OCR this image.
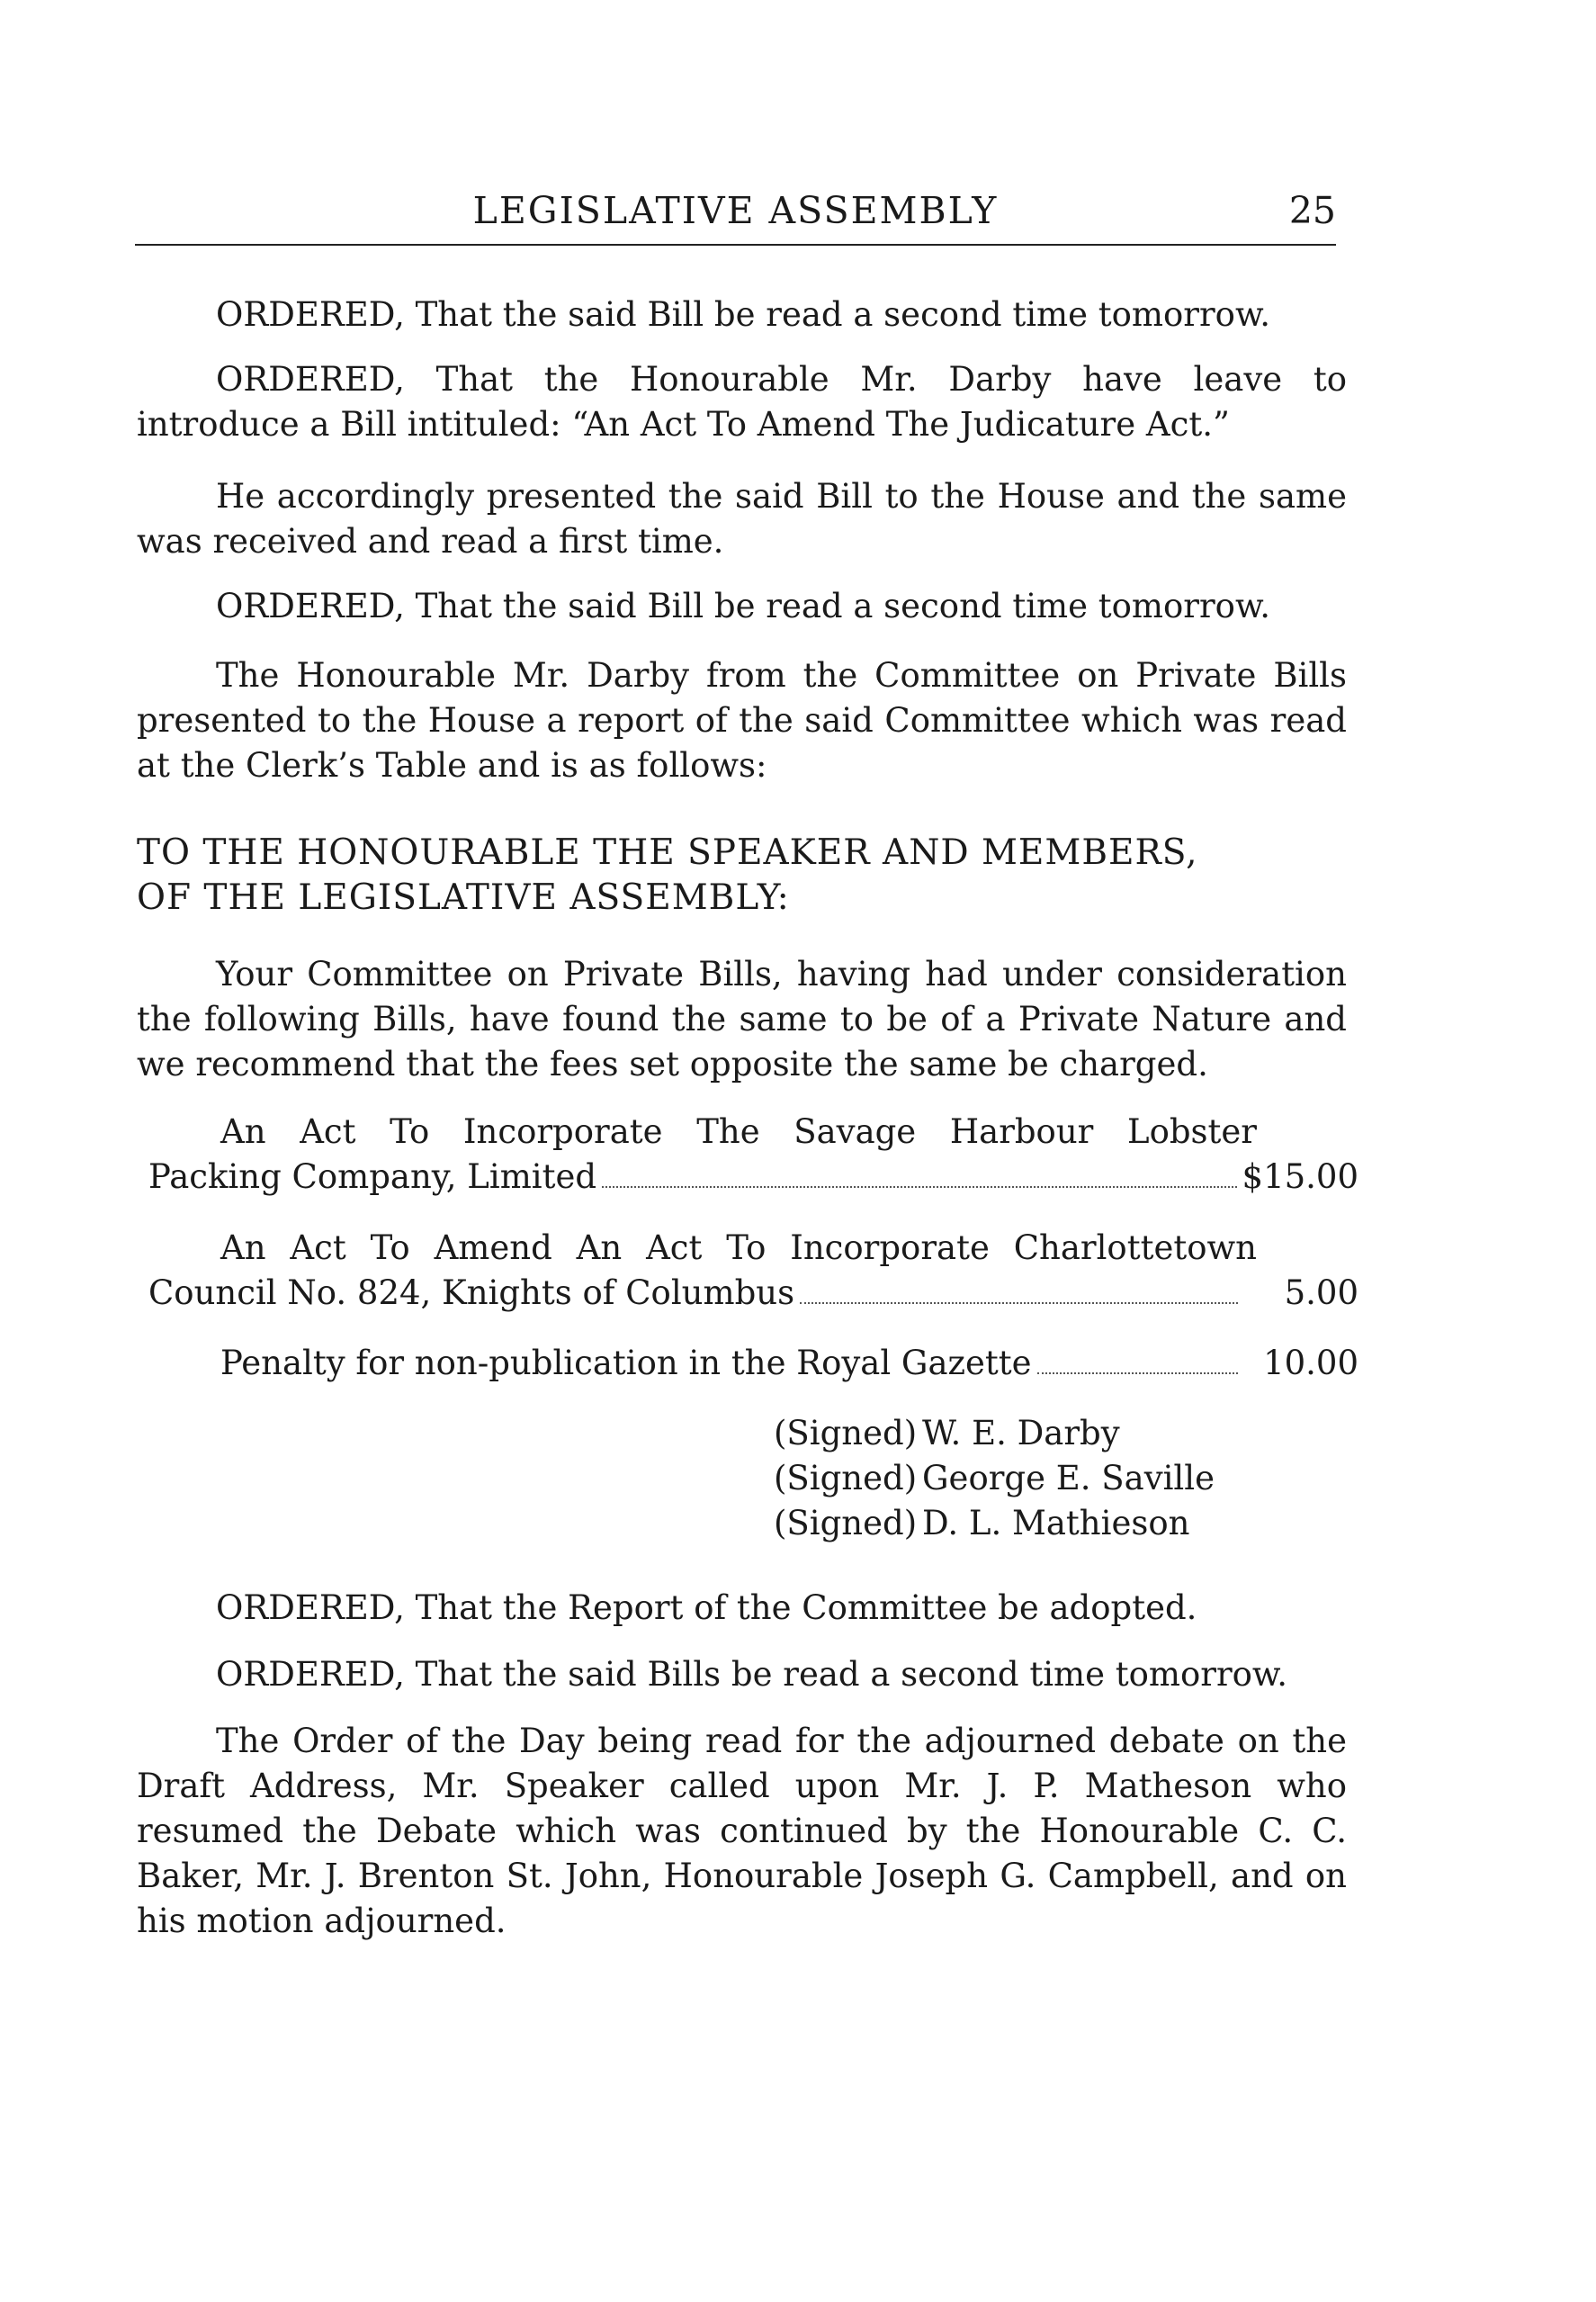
LEGISLATIVE ASSEMBLY	25

ORDERED, That the said Bill be read a second time tomorrow.

ORDERED, That the Honourable Mr. Darby have leave to introduce a Bill intituled: “An Act To Amend The Judicature Act.”

He accordingly presented the said Bill to the House and the same was received and read a first time.

ORDERED, That the said Bill be read a second time tomorrow.

The Honourable Mr. Darby from the Committee on Private Bills presented to the House a report of the said Committee which was read at the Clerk’s Table and is as follows:

TO THE HONOURABLE THE SPEAKER AND MEMBERS,

OF THE LEGISLATIVE ASSEMBLY:

Your Committee on Private Bills, having had under consideration the following Bills, have found the same to be of a Private Nature and we recommend that the fees set opposite the same be charged.

An Act To Incorporate The Savage Harbour Lobster
Packing Company, Limited	$15.00
An Act To Amend An Act To Incorporate Charlottetown
Council No. 824, Knights of Columbus	5.00
Penalty for non-publication in the Royal Gazette	10.00
(Signed) W. E. Darby
(Signed) George E. Saville
(Signed) D. L. Mathieson

ORDERED, That the Report of the Committee be adopted.

ORDERED, That the said Bills be read a second time tomorrow.

The Order of the Day being read for the adjourned debate on the Draft Address, Mr. Speaker called upon Mr. J. P. Matheson who resumed the Debate which was continued by the Honourable C. C. Baker, Mr. J. Brenton St. John, Honourable Joseph G. Campbell, and on his motion adjourned.
